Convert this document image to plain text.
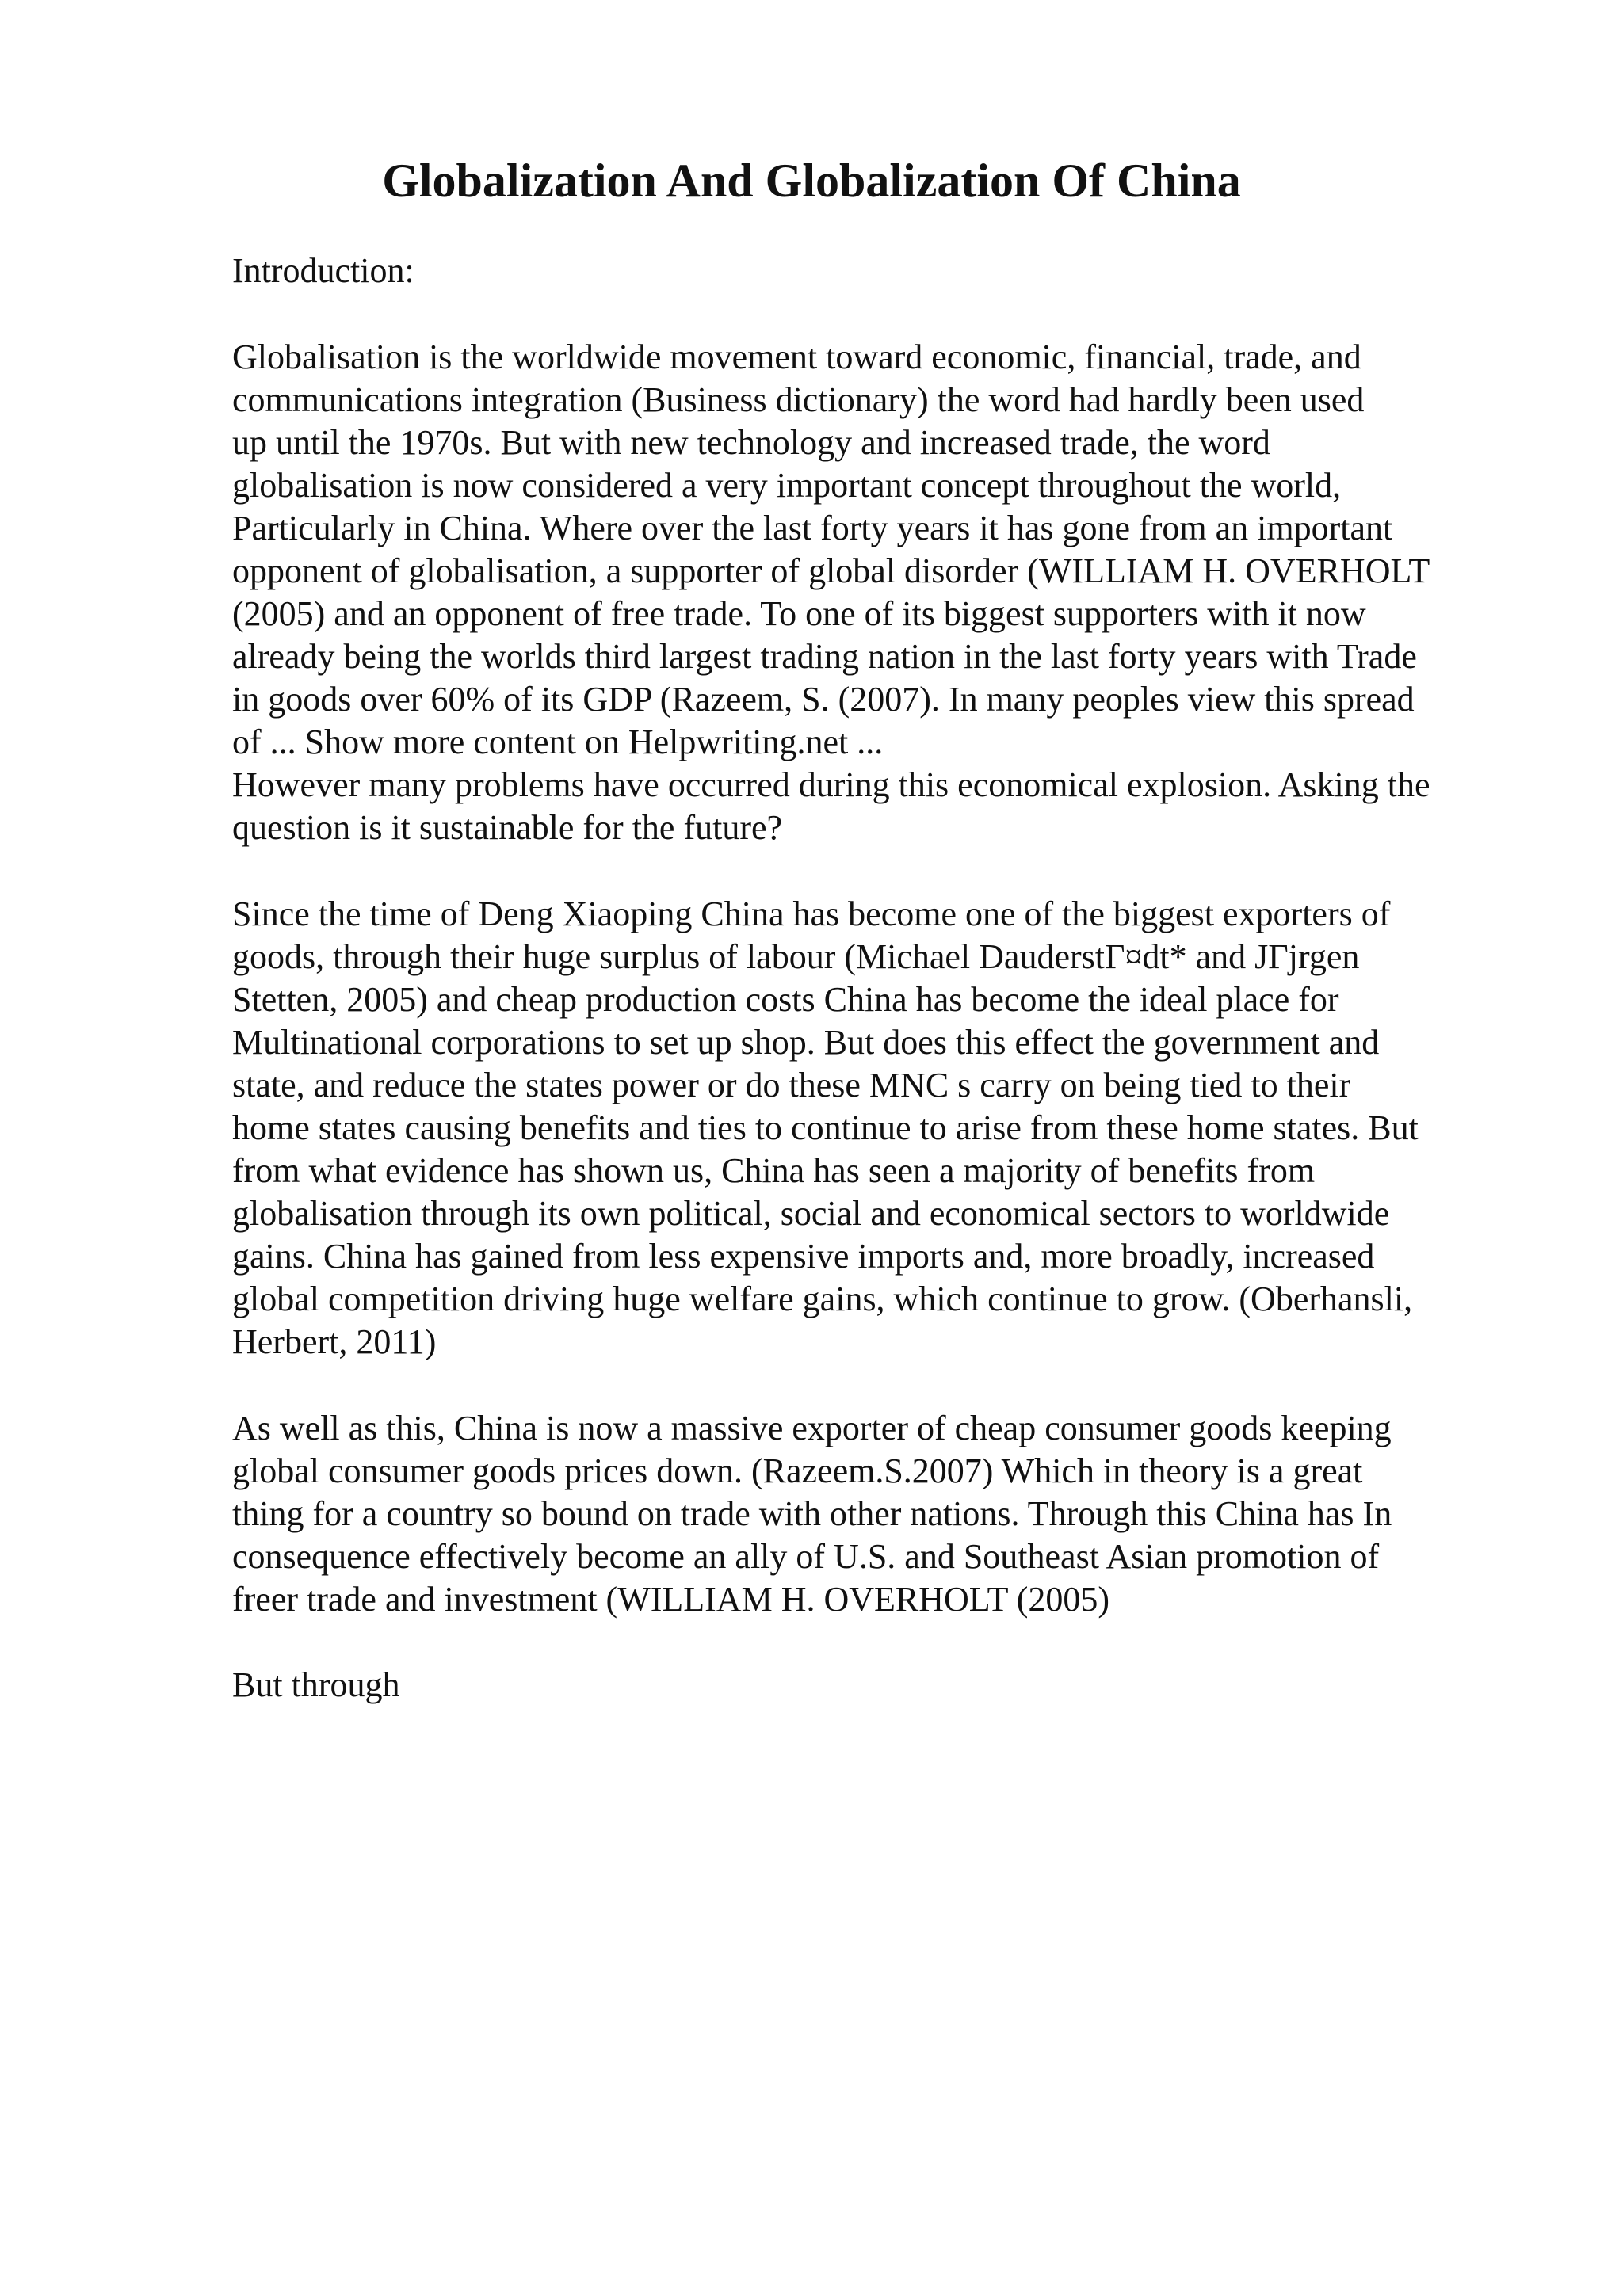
Globalization And Globalization Of China

Introduction:

Globalisation is the worldwide movement toward economic, financial, trade, and

communications integration (Business dictionary) the word had hardly been used

up until the 1970s. But with new technology and increased trade, the word

globalisation is now considered a very important concept throughout the world,

Particularly in China. Where over the last forty years it has gone from an important

opponent of globalisation, a supporter of global disorder (WILLIAM H. OVERHOLT

(2005) and an opponent of free trade. To one of its biggest supporters with it now

already being the worlds third largest trading nation in the last forty years with Trade

in goods over 60% of its GDP (Razeem, S. (2007). In many peoples view this spread

of ... Show more content on Helpwriting.net ...

However many problems have occurred during this economical explosion. Asking the

question is it sustainable for the future?

Since the time of Deng Xiaoping China has become one of the biggest exporters of

goods, through their huge surplus of labour (Michael DauderstΓ¤dt* and JΓjrgen

Stetten, 2005) and cheap production costs China has become the ideal place for

Multinational corporations to set up shop. But does this effect the government and

state, and reduce the states power or do these MNC s carry on being tied to their

home states causing benefits and ties to continue to arise from these home states. But

from what evidence has shown us, China has seen a majority of benefits from

globalisation through its own political, social and economical sectors to worldwide

gains. China has gained from less expensive imports and, more broadly, increased

global competition driving huge welfare gains, which continue to grow. (Oberhansli,

Herbert, 2011)

As well as this, China is now a massive exporter of cheap consumer goods keeping

global consumer goods prices down. (Razeem.S.2007) Which in theory is a great

thing for a country so bound on trade with other nations. Through this China has In

consequence effectively become an ally of U.S. and Southeast Asian promotion of

freer trade and investment (WILLIAM H. OVERHOLT (2005)

But through
